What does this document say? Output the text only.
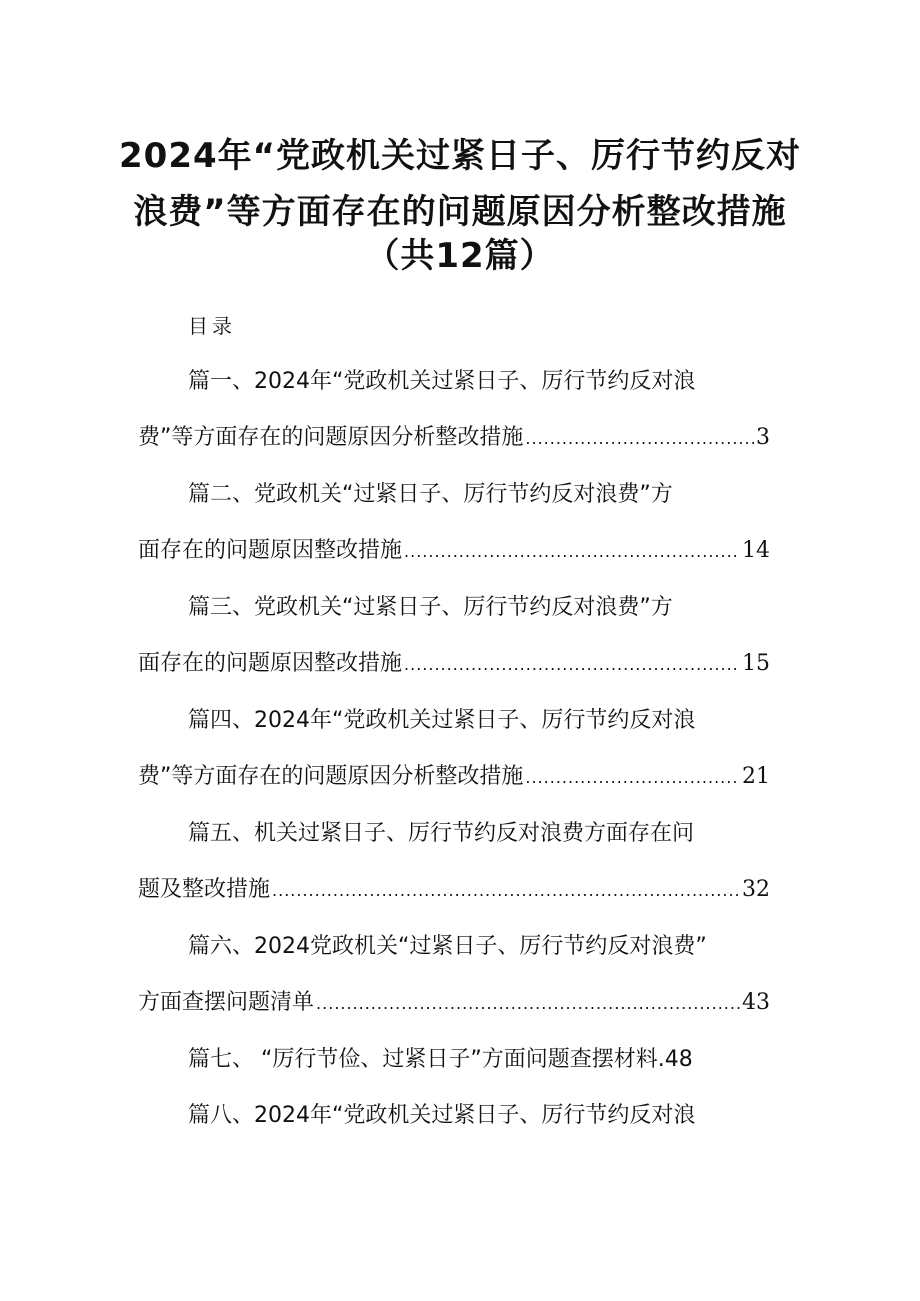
2024年“党政机关过紧日子、厉行节约反对
浪费”等方面存在的问题原因分析整改措施
（共12篇）
目录
篇一、2024年“党政机关过紧日子、厉行节约反对浪
费”等方面存在的问题原因分析整改措施 .....	3
篇二、党政机关“过紧日子、厉行节约反对浪费”方
面存在的问题原因整改措施 .....	14
篇三、党政机关“过紧日子、厉行节约反对浪费”方
面存在的问题原因整改措施 .....	15
篇四、2024年“党政机关过紧日子、厉行节约反对浪
费”等方面存在的问题原因分析整改措施 .....	21
篇五、机关过紧日子、厉行节约反对浪费方面存在问
题及整改措施 .....	32
篇六、2024党政机关“过紧日子、厉行节约反对浪费”
方面查摆问题清单 .....	43
篇七、 “厉行节俭、过紧日子”方面问题查摆材料.48
篇八、2024年“党政机关过紧日子、厉行节约反对浪
